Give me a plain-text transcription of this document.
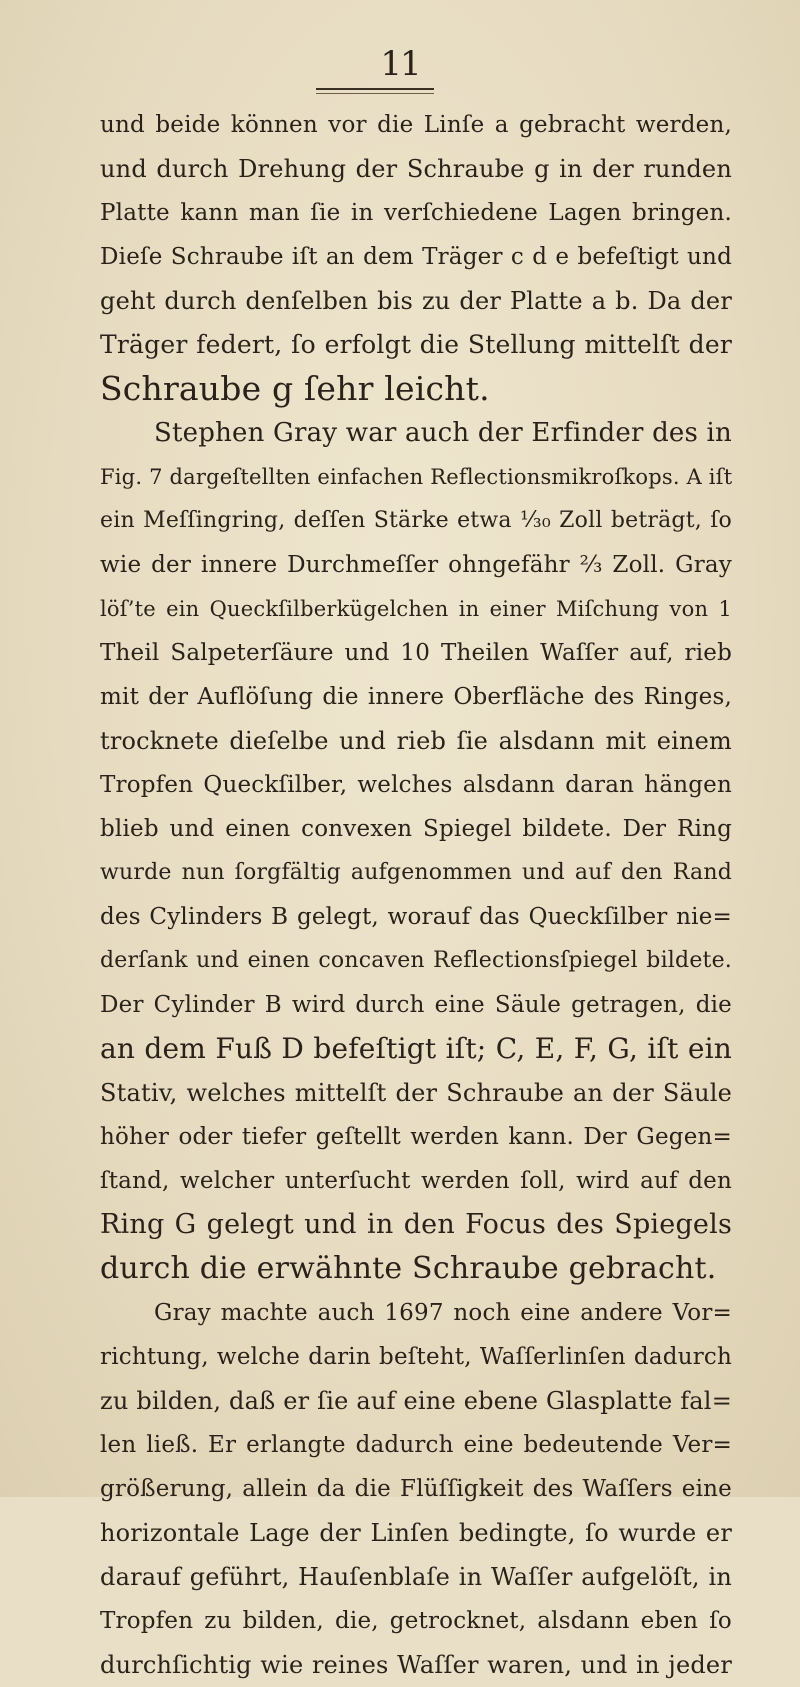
11
und beide können vor die Linſe a gebracht werden,
und durch Drehung der Schraube g in der runden
Platte kann man ſie in verſchiedene Lagen bringen.
Dieſe Schraube iſt an dem Träger c d e befeſtigt und
geht durch denſelben bis zu der Platte a b. Da der
Träger federt, ſo erfolgt die Stellung mittelſt der
Schraube g ſehr leicht.
Stephen Gray war auch der Erfinder des in
Fig. 7 dargeſtellten einfachen Reflectionsmikroſkops. A iſt
ein Meſſingring, deſſen Stärke etwa ¹⁄₃₀ Zoll beträgt, ſo
wie der innere Durchmeſſer ohngefähr ²⁄₃ Zoll. Gray
löſ’te ein Queckſilberkügelchen in einer Miſchung von 1
Theil Salpeterſäure und 10 Theilen Waſſer auf, rieb
mit der Auflöſung die innere Oberfläche des Ringes,
trocknete dieſelbe und rieb ſie alsdann mit einem
Tropfen Queckſilber, welches alsdann daran hängen
blieb und einen convexen Spiegel bildete. Der Ring
wurde nun ſorgfältig aufgenommen und auf den Rand
des Cylinders B gelegt, worauf das Queckſilber nie=
derſank und einen concaven Reflectionsſpiegel bildete.
Der Cylinder B wird durch eine Säule getragen, die
an dem Fuß D befeſtigt iſt; C, E, F, G, iſt ein
Stativ, welches mittelſt der Schraube an der Säule
höher oder tiefer geſtellt werden kann. Der Gegen=
ſtand, welcher unterſucht werden ſoll, wird auf den
Ring G gelegt und in den Focus des Spiegels
durch die erwähnte Schraube gebracht.
Gray machte auch 1697 noch eine andere Vor=
richtung, welche darin beſteht, Waſſerlinſen dadurch
zu bilden, daß er ſie auf eine ebene Glasplatte fal=
len ließ. Er erlangte dadurch eine bedeutende Ver=
größerung, allein da die Flüſſigkeit des Waſſers eine
horizontale Lage der Linſen bedingte, ſo wurde er
darauf geführt, Hauſenblaſe in Waſſer aufgelöſt, in
Tropfen zu bilden, die, getrocknet, alsdann eben ſo
durchſichtig wie reines Waſſer waren, und in jeder
